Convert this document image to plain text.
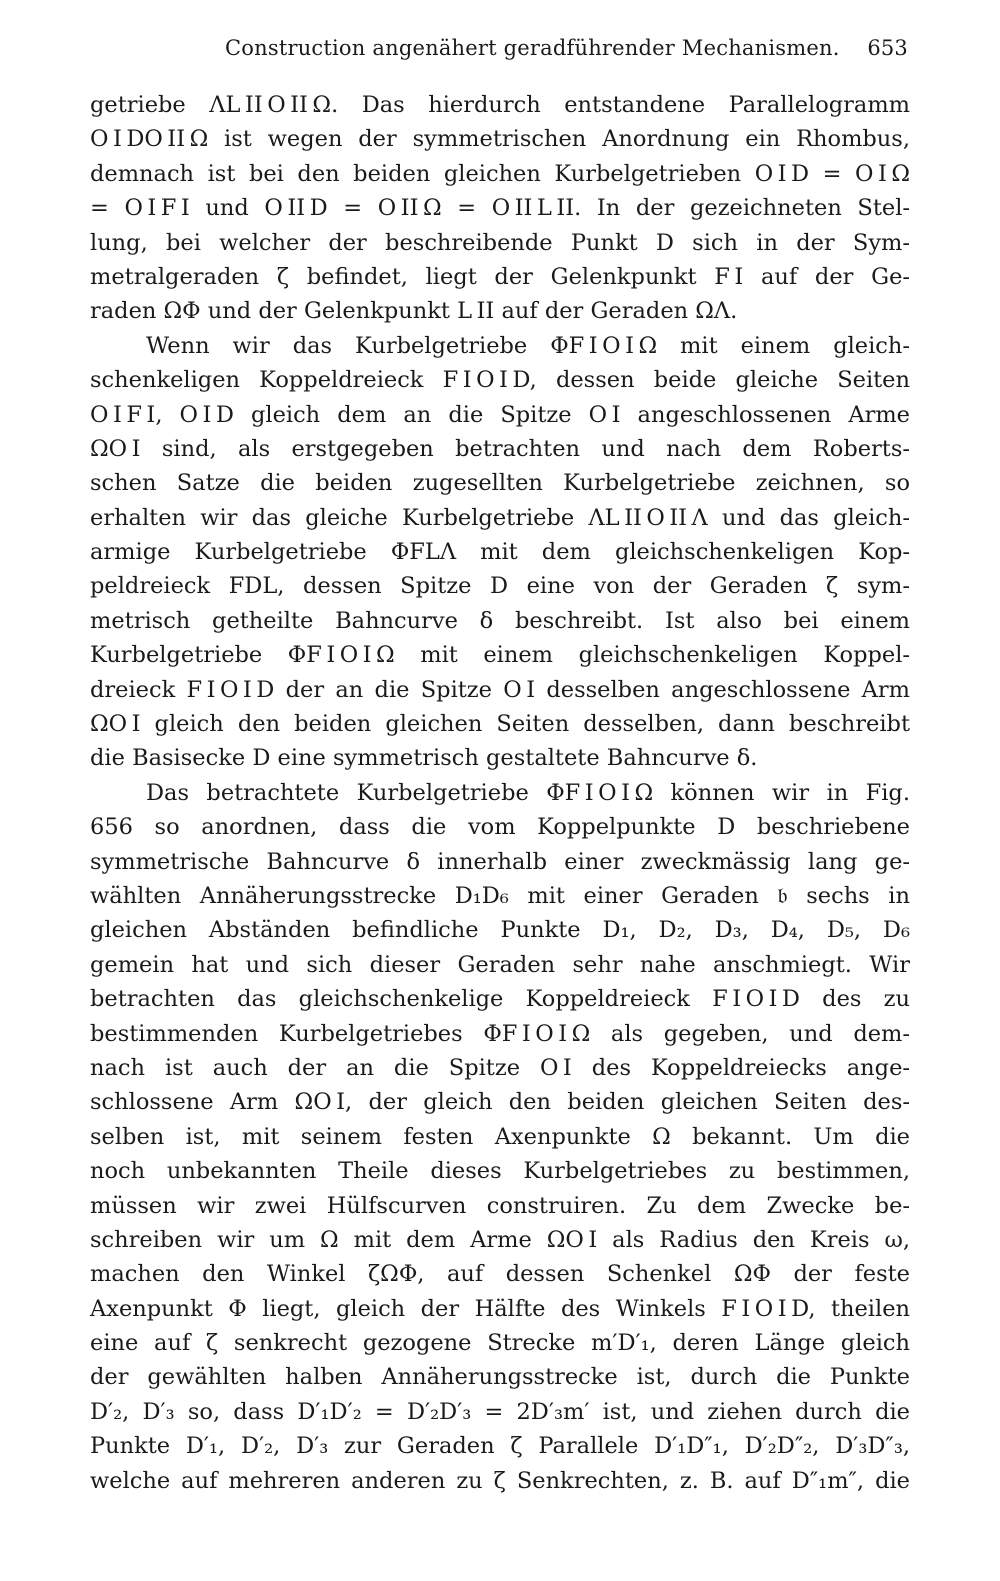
Construction angenähert geradführender Mechanismen. 653
getriebe ΛL II O II Ω. Das hierdurch entstandene Parallelogramm
O I DO II Ω ist wegen der symmetrischen Anordnung ein Rhombus,
demnach ist bei den beiden gleichen Kurbelgetrieben O I D = O I Ω
= O I F I und O II D = O II Ω = O II L II. In der gezeichneten Stel-
lung, bei welcher der beschreibende Punkt D sich in der Sym-
metralgeraden ζ befindet, liegt der Gelenkpunkt F I auf der Ge-
raden ΩΦ und der Gelenkpunkt L II auf der Geraden ΩΛ.
Wenn wir das Kurbelgetriebe ΦF I O I Ω mit einem gleich-
schenkeligen Koppeldreieck F I O I D, dessen beide gleiche Seiten
O I F I, O I D gleich dem an die Spitze O I angeschlossenen Arme
ΩO I sind, als erstgegeben betrachten und nach dem Roberts-
schen Satze die beiden zugesellten Kurbelgetriebe zeichnen, so
erhalten wir das gleiche Kurbelgetriebe ΛL II O II Λ und das gleich-
armige Kurbelgetriebe ΦFLΛ mit dem gleichschenkeligen Kop-
peldreieck FDL, dessen Spitze D eine von der Geraden ζ sym-
metrisch getheilte Bahncurve δ beschreibt. Ist also bei einem
Kurbelgetriebe ΦF I O I Ω mit einem gleichschenkeligen Koppel-
dreieck F I O I D der an die Spitze O I desselben angeschlossene Arm
ΩO I gleich den beiden gleichen Seiten desselben, dann beschreibt
die Basisecke D eine symmetrisch gestaltete Bahncurve δ.
Das betrachtete Kurbelgetriebe ΦF I O I Ω können wir in Fig.
656 so anordnen, dass die vom Koppelpunkte D beschriebene
symmetrische Bahncurve δ innerhalb einer zweckmässig lang ge-
wählten Annäherungsstrecke D₁D₆ mit einer Geraden 𝔟 sechs in
gleichen Abständen befindliche Punkte D₁, D₂, D₃, D₄, D₅, D₆
gemein hat und sich dieser Geraden sehr nahe anschmiegt. Wir
betrachten das gleichschenkelige Koppeldreieck F I O I D des zu
bestimmenden Kurbelgetriebes ΦF I O I Ω als gegeben, und dem-
nach ist auch der an die Spitze O I des Koppeldreiecks ange-
schlossene Arm ΩO I, der gleich den beiden gleichen Seiten des-
selben ist, mit seinem festen Axenpunkte Ω bekannt. Um die
noch unbekannten Theile dieses Kurbelgetriebes zu bestimmen,
müssen wir zwei Hülfscurven construiren. Zu dem Zwecke be-
schreiben wir um Ω mit dem Arme ΩO I als Radius den Kreis ω,
machen den Winkel ζΩΦ, auf dessen Schenkel ΩΦ der feste
Axenpunkt Φ liegt, gleich der Hälfte des Winkels F I O I D, theilen
eine auf ζ senkrecht gezogene Strecke m′D′₁, deren Länge gleich
der gewählten halben Annäherungsstrecke ist, durch die Punkte
D′₂, D′₃ so, dass D′₁D′₂ = D′₂D′₃ = 2D′₃m′ ist, und ziehen durch die
Punkte D′₁, D′₂, D′₃ zur Geraden ζ Parallele D′₁D″₁, D′₂D″₂, D′₃D″₃,
welche auf mehreren anderen zu ζ Senkrechten, z. B. auf D″₁m″, die
